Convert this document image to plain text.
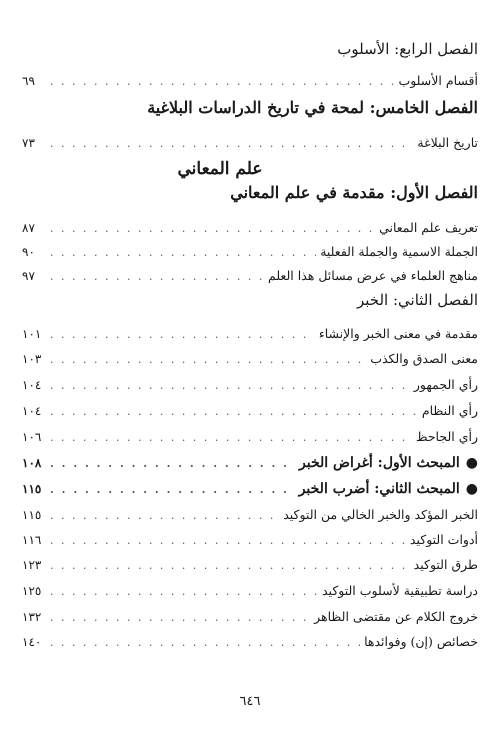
الفصل الرابع: الأسلوب
أقسام الأسلوب
. . .
٦٩
الفصل الخامس: لمحة في تاريخ الدراسات البلاغية
تاريخ البلاغة
. . .
٧٣
علم المعاني
الفصل الأول: مقدمة في علم المعاني
تعريف علم المعاني
. . .
٨٧
الجملة الاسمية والجملة الفعلية
. . .
٩٠
مناهج العلماء في عرض مسائل هذا العلم
. . .
٩٧
الفصل الثاني: الخبر
مقدمة في معنى الخبر والإنشاء
. . .
١٠١
معنى الصدق والكذب
. . .
١٠٣
رأي الجمهور
. . .
١٠٤
رأي النظام
. . .
١٠٤
رأي الجاحظ
. . .
١٠٦
●المبحث الأول: أغراض الخبر
. . .
١٠٨
●المبحث الثاني: أضرب الخبر
. . .
١١٥
الخبر المؤكد والخبر الخالي من التوكيد
. . .
١١٥
أدوات التوكيد
. . .
١١٦
طرق التوكيد
. . .
١٢٣
دراسة تطبيقية لأسلوب التوكيد
. . .
١٢٥
خروج الكلام عن مقتضى الظاهر
. . .
١٣٢
خصائص (إن) وفوائدها
. . .
١٤٠
٦٤٦
